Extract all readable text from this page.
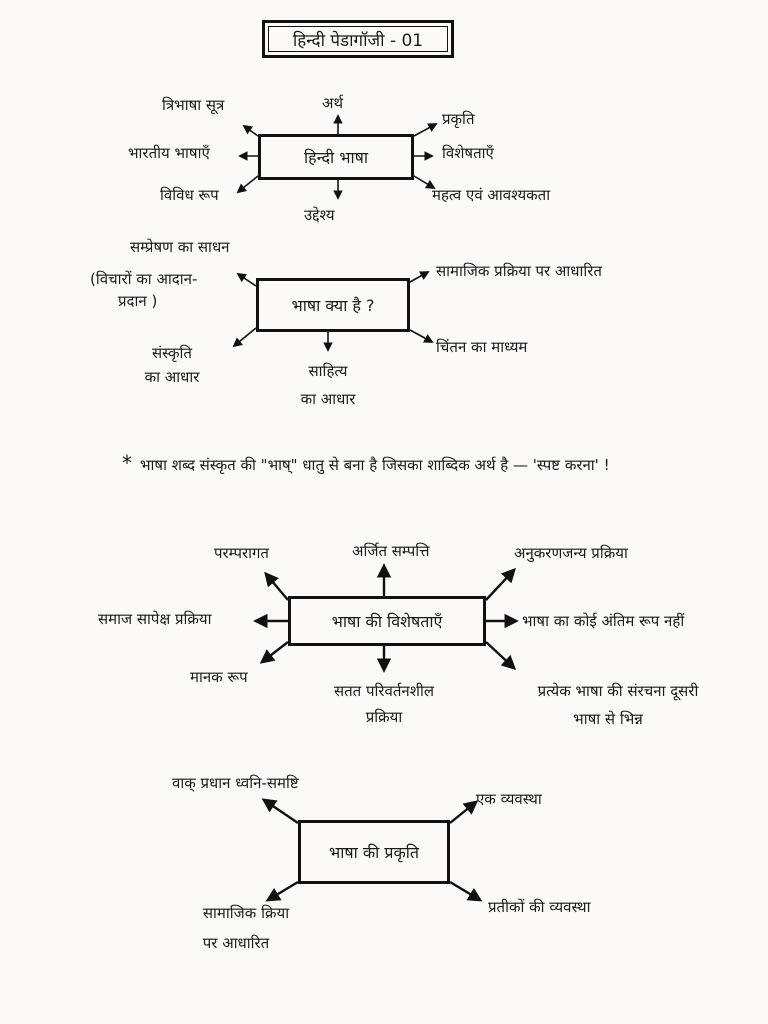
हिन्दी पेडागॉजी - 01
हिन्दी भाषा
त्रिभाषा सूत्र	अर्थ
प्रकृति
भारतीय भाषाएँ	विशेषताएँ
विविध रूप
उद्देश्य
महत्व एवं आवश्यकता
भाषा क्या है ?
सम्प्रेषण का साधन
(विचारों का आदान-
प्रदान )
सामाजिक प्रक्रिया पर आधारित
संस्कृति
का आधार	साहित्य
का आधार
चिंतन का माध्यम
* भाषा शब्द संस्कृत की "भाष्" धातु से बना है जिसका शाब्दिक अर्थ है — 'स्पष्ट करना' !
भाषा की विशेषताएँ
परम्परागत	अर्जित सम्पत्ति	अनुकरणजन्य प्रक्रिया
समाज सापेक्ष प्रक्रिया	भाषा का कोई अंतिम रूप नहीं
मानक रूप
सतत परिवर्तनशील
प्रक्रिया
प्रत्येक भाषा की संरचना दूसरी
भाषा से भिन्न
भाषा की प्रकृति
वाक् प्रधान ध्वनि-समष्टि
एक व्यवस्था
सामाजिक क्रिया
पर आधारित
प्रतीकों की व्यवस्था
